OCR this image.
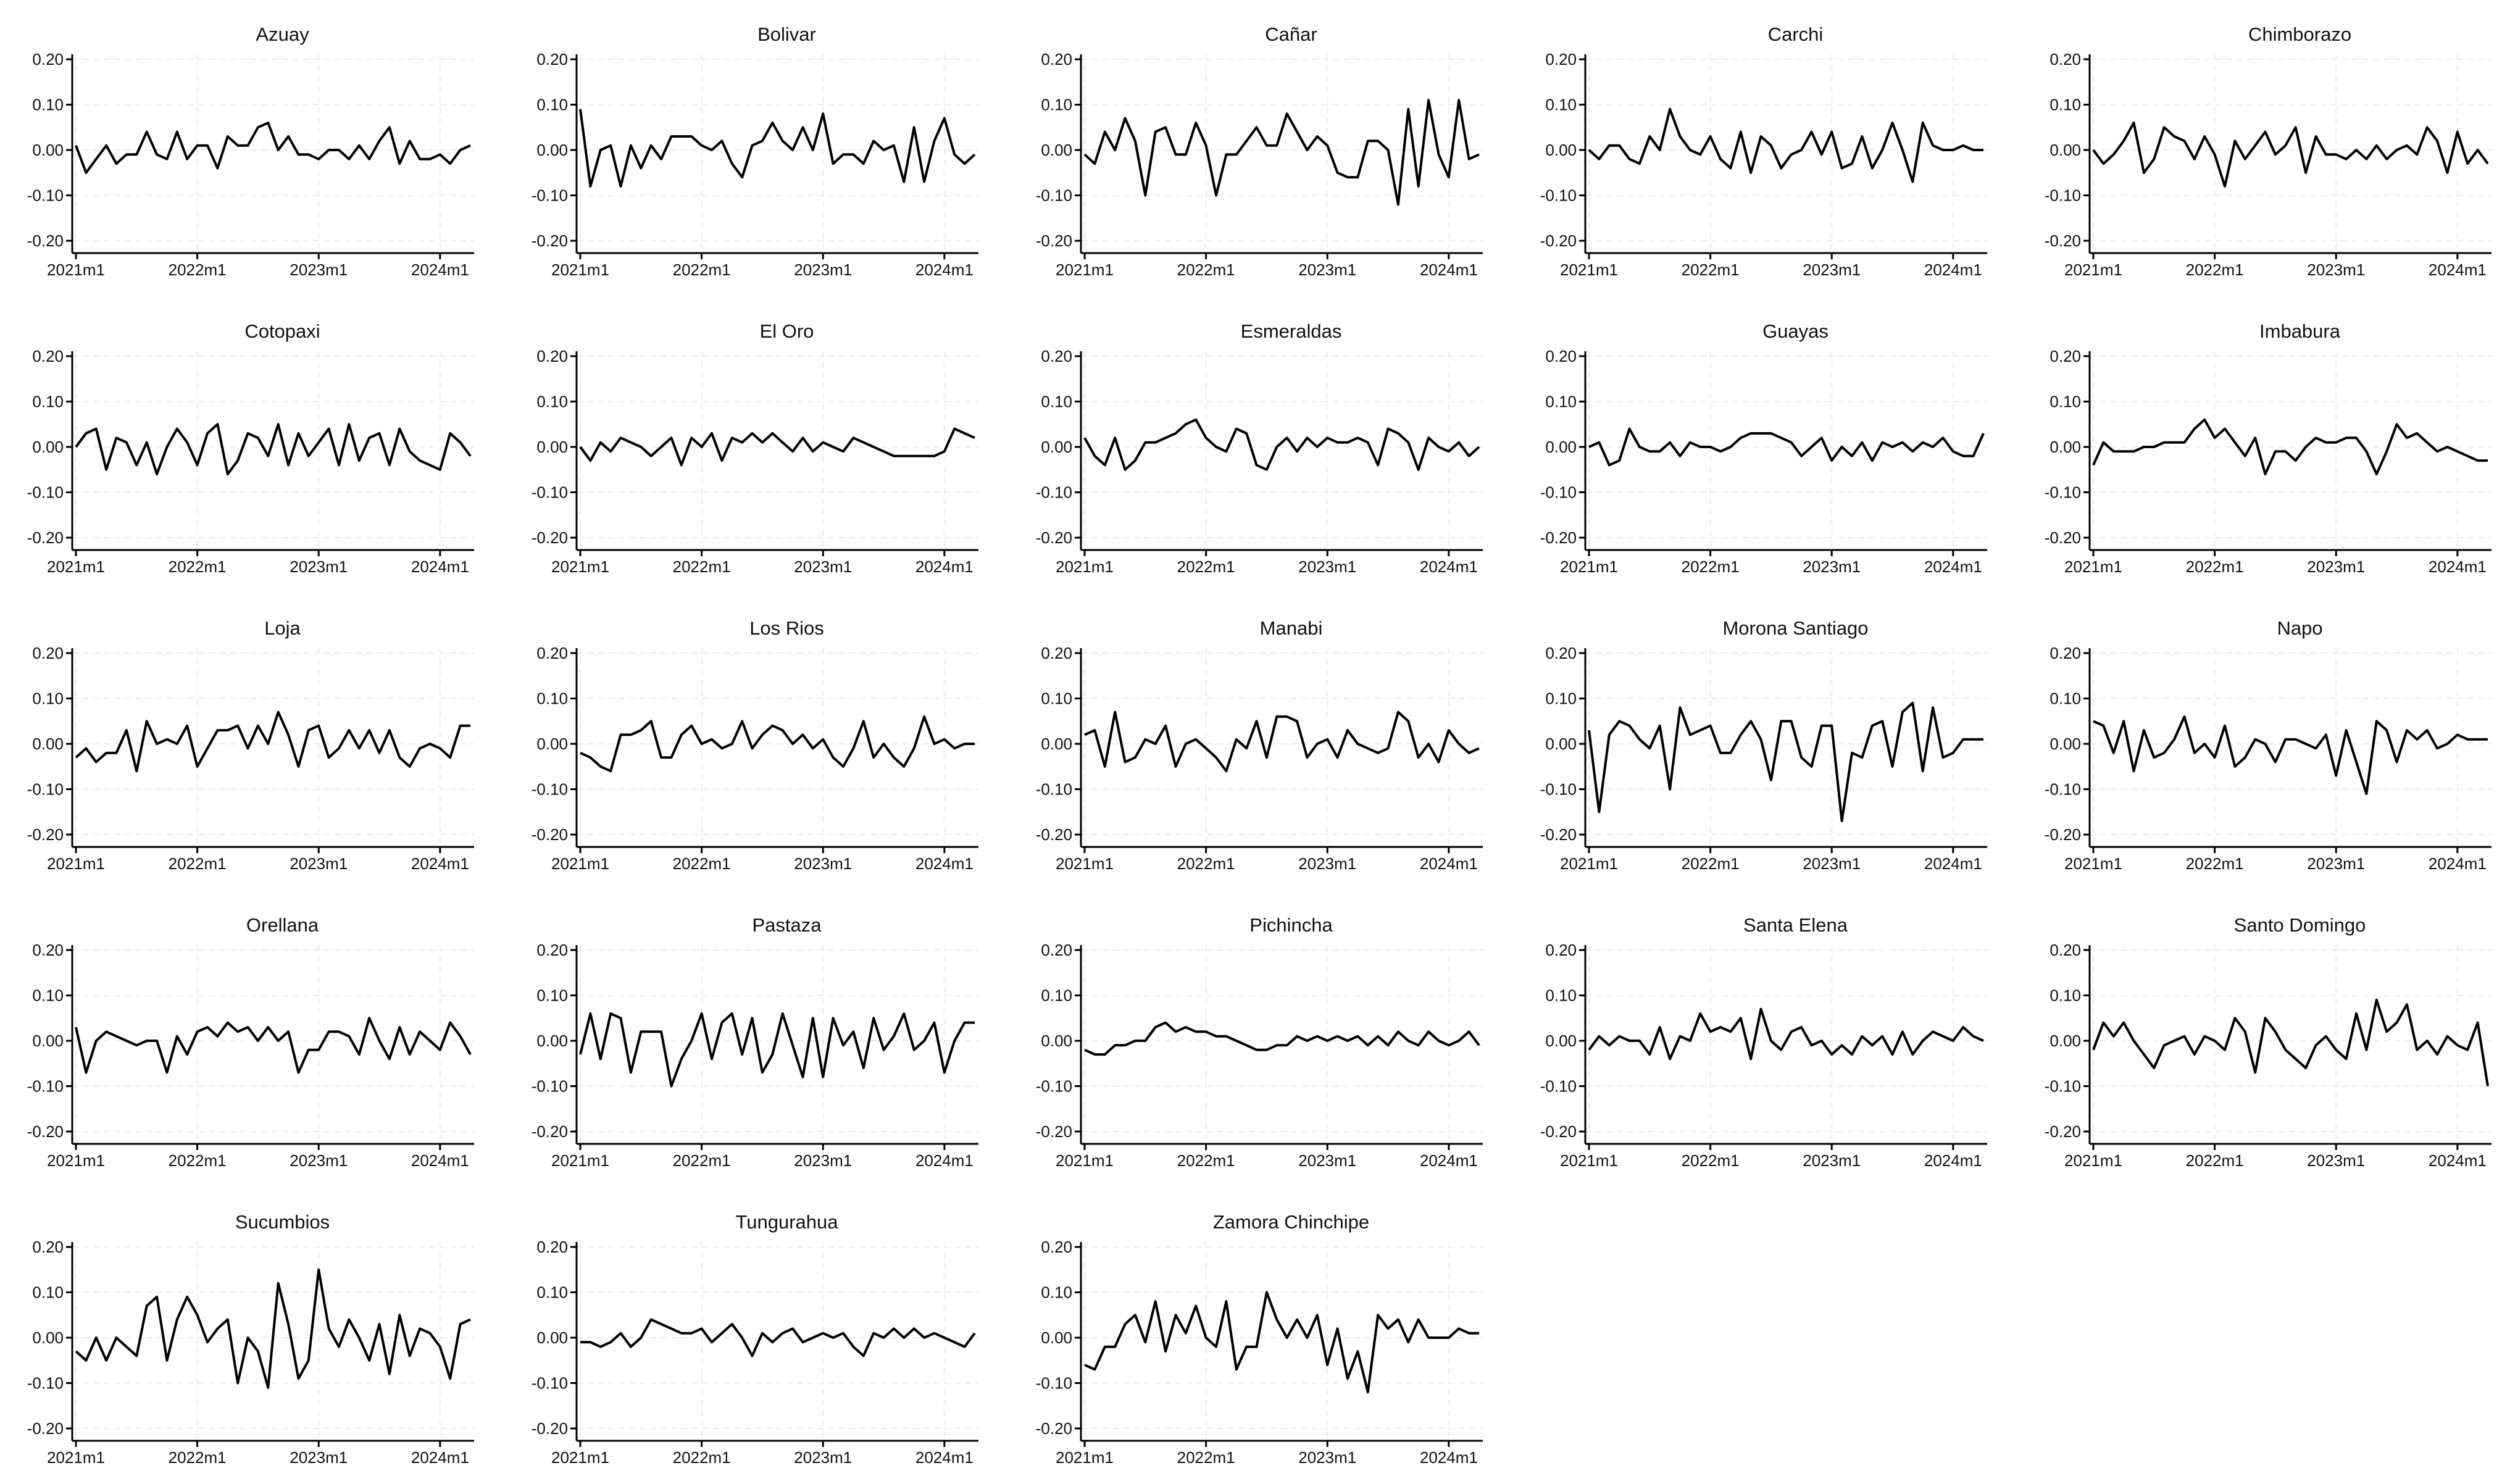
Azuay
0.20
0.10
0.00
-0.10
-0.20
2021m1	2022m1	2023m1	2024m1
Bolivar
0.20
0.10
0.00
-0.10
-0.20
2021m1	2022m1	2023m1	2024m1
Cañar
0.20
0.10
0.00
-0.10
-0.20
2021m1	2022m1	2023m1	2024m1
Carchi
0.20
0.10
0.00
-0.10
-0.20
2021m1	2022m1	2023m1	2024m1
Chimborazo
0.20
0.10
0.00
-0.10
-0.20
2021m1	2022m1	2023m1	2024m1
Cotopaxi
0.20
0.10
0.00
-0.10
-0.20
2021m1	2022m1	2023m1	2024m1
El Oro
0.20
0.10
0.00
-0.10
-0.20
2021m1	2022m1	2023m1	2024m1
Esmeraldas
0.20
0.10
0.00
-0.10
-0.20
2021m1	2022m1	2023m1	2024m1
Guayas
0.20
0.10
0.00
-0.10
-0.20
2021m1	2022m1	2023m1	2024m1
Imbabura
0.20
0.10
0.00
-0.10
-0.20
2021m1	2022m1	2023m1	2024m1
Loja
0.20
0.10
0.00
-0.10
-0.20
2021m1	2022m1	2023m1	2024m1
Los Rios
0.20
0.10
0.00
-0.10
-0.20
2021m1	2022m1	2023m1	2024m1
Manabi
0.20
0.10
0.00
-0.10
-0.20
2021m1	2022m1	2023m1	2024m1
Morona Santiago
0.20
0.10
0.00
-0.10
-0.20
2021m1	2022m1	2023m1	2024m1
Napo
0.20
0.10
0.00
-0.10
-0.20
2021m1	2022m1	2023m1	2024m1
Orellana
0.20
0.10
0.00
-0.10
-0.20
2021m1	2022m1	2023m1	2024m1
Pastaza
0.20
0.10
0.00
-0.10
-0.20
2021m1	2022m1	2023m1	2024m1
Pichincha
0.20
0.10
0.00
-0.10
-0.20
2021m1	2022m1	2023m1	2024m1
Santa Elena
0.20
0.10
0.00
-0.10
-0.20
2021m1	2022m1	2023m1	2024m1
Santo Domingo
0.20
0.10
0.00
-0.10
-0.20
2021m1	2022m1	2023m1	2024m1
Sucumbios
0.20
0.10
0.00
-0.10
-0.20
2021m1	2022m1	2023m1	2024m1
Tungurahua
0.20
0.10
0.00
-0.10
-0.20
2021m1	2022m1	2023m1	2024m1
Zamora Chinchipe
0.20
0.10
0.00
-0.10
-0.20
2021m1	2022m1	2023m1	2024m1
